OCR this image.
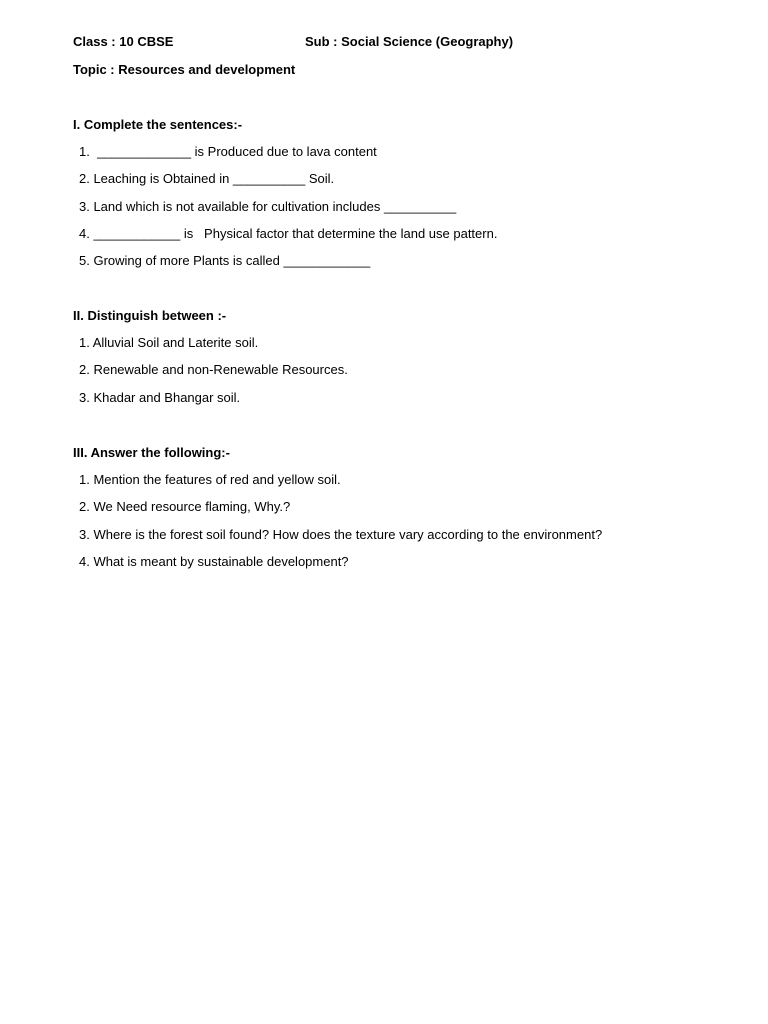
Class : 10 CBSE	Sub : Social Science (Geography)
Topic : Resources and development
I. Complete the sentences:-
1.  _____________ is Produced due to lava content
2. Leaching is Obtained in __________ Soil.
3. Land which is not available for cultivation includes __________
4. ____________ is   Physical factor that determine the land use pattern.
5. Growing of more Plants is called ____________
II. Distinguish between :-
1. Alluvial Soil and Laterite soil.
2. Renewable and non-Renewable Resources.
3. Khadar and Bhangar soil.
III. Answer the following:-
1. Mention the features of red and yellow soil.
2. We Need resource flaming, Why.?
3. Where is the forest soil found? How does the texture vary according to the environment?
4. What is meant by sustainable development?
